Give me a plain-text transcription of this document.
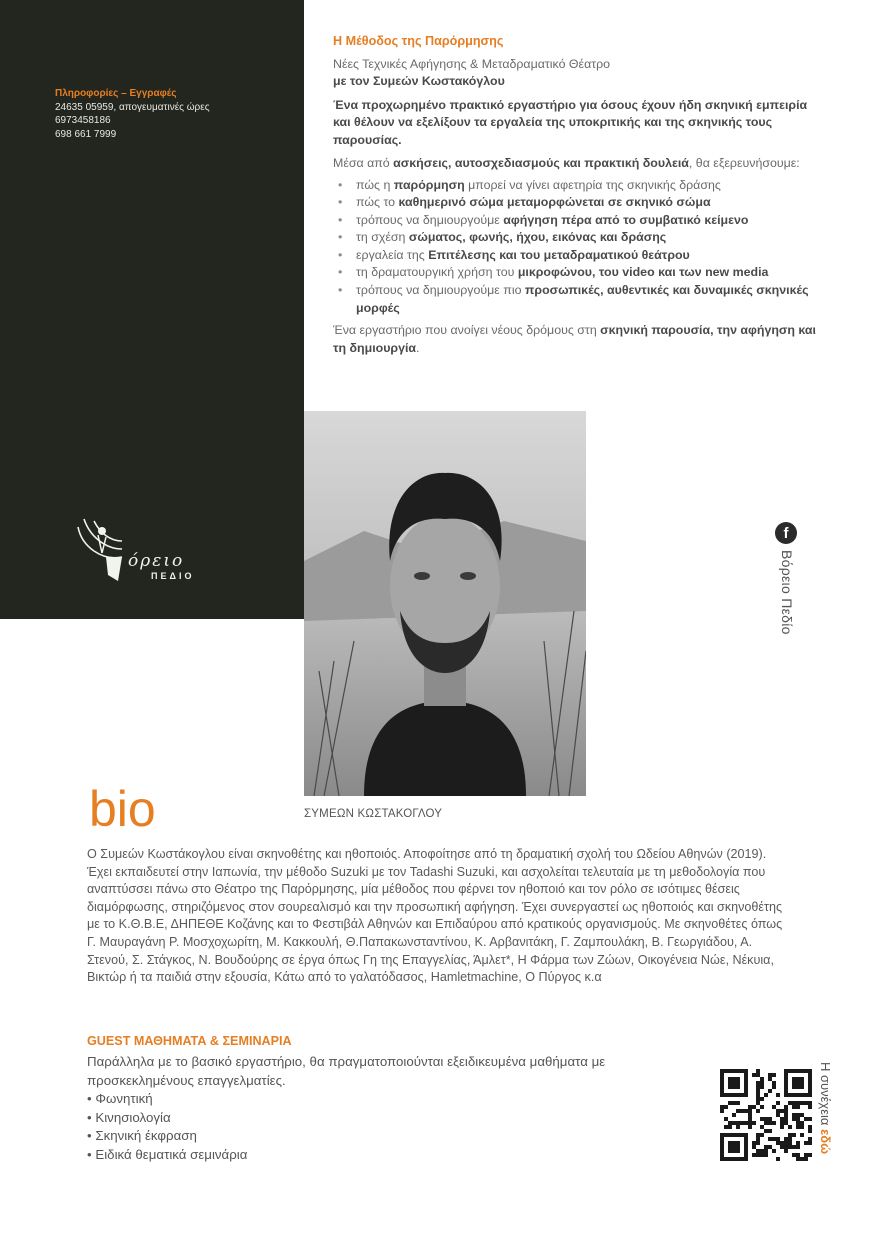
Πληροφορίες – Εγγραφές
24635 05959, απογευματινές ώρες
6973458186
698 661 7999
όρειο
ΠΕΔΙΟ
Η Μέθοδος της Παρόρμησης
Νέες Τεχνικές Αφήγησης & Μεταδραματικό Θέατρο

με τον Συμεών Κωστακόγλου

Ένα προχωρημένο πρακτικό εργαστήριο για όσους έχουν ήδη σκηνική εμπειρία και θέλουν να εξελίξουν τα εργαλεία της υποκριτικής και της σκηνικής τους παρουσίας.

Μέσα από ασκήσεις, αυτοσχεδιασμούς και πρακτική δουλειά, θα εξερευνήσουμε:
• πώς η παρόρμηση μπορεί να γίνει αφετηρία της σκηνικής δράσης
• πώς το καθημερινό σώμα μεταμορφώνεται σε σκηνικό σώμα
• τρόπους να δημιουργούμε αφήγηση πέρα από το συμβατικό κείμενο
• τη σχέση σώματος, φωνής, ήχου, εικόνας και δράσης
• εργαλεία της Επιτέλεσης και του μεταδραματικού θεάτρου
• τη δραματουργική χρήση του μικροφώνου, του video και των new media
• τρόπους να δημιουργούμε πιο προσωπικές, αυθεντικές και δυναμικές σκηνικές μορφές
Ένα εργαστήριο που ανοίγει νέους δρόμους στη σκηνική παρουσία, την αφήγηση και τη δημιουργία.
ΣΥΜΕΩΝ ΚΩΣΤΑΚΟΓΛΟΥ
f
Βόρειο Πεδίο
bio
Ο Συμεών Κωστάκογλου είναι σκηνοθέτης και ηθοποιός. Αποφοίτησε από τη δραματική σχολή του Ωδείου Αθηνών (2019). Έχει εκπαιδευτεί στην Ιαπωνία, την μέθοδο Suzuki με τον Tadashi Suzuki, και ασχολείται τελευταία με τη μεθοδολογία που αναπτύσσει πάνω στο Θέατρο της Παρόρμησης, μία μέθοδος που φέρνει τον ηθοποιό και τον ρόλο σε ισότιμες θέσεις διαμόρφωσης, στηριζόμενος στον σουρεαλισμό και την προσωπική αφήγηση. Έχει συνεργαστεί ως ηθοποιός και σκηνοθέτης με το Κ.Θ.Β.Ε, ΔΗΠΕΘΕ Κοζάνης και το Φεστιβάλ Αθηνών και Επιδαύρου από κρατικούς οργανισμούς. Με σκηνοθέτες όπως Γ. Μαυραγάνη Ρ. Μοσχοχωρίτη, Μ. Κακκουλή, Θ.Παπακωνσταντίνου, Κ. Αρβανιτάκη, Γ. Ζαμπουλάκη, Β. Γεωργιάδου, Α. Στενού, Σ. Στάγκος, Ν. Βουδούρης σε έργα όπως Γη της Επαγγελίας, Άμλετ*, Η Φάρμα των Ζώων, Οικογένεια Νώε, Νέκυια, Βικτώρ ή τα παιδιά στην εξουσία, Κάτω από το γαλατόδασος, Hamletmachine, Ο Πύργος κ.α
GUEST ΜΑΘΗΜΑΤΑ & ΣΕΜΙΝΑΡΙΑ
Παράλληλα με το βασικό εργαστήριο, θα πραγματοποιούνται εξειδικευμένα μαθήματα με προσκεκλημένους επαγγελματίες.
• Φωνητική
• Κινησιολογία
• Σκηνική έκφραση
• Ειδικά θεματικά σεμινάρια
Η συνέχεια εδώ
